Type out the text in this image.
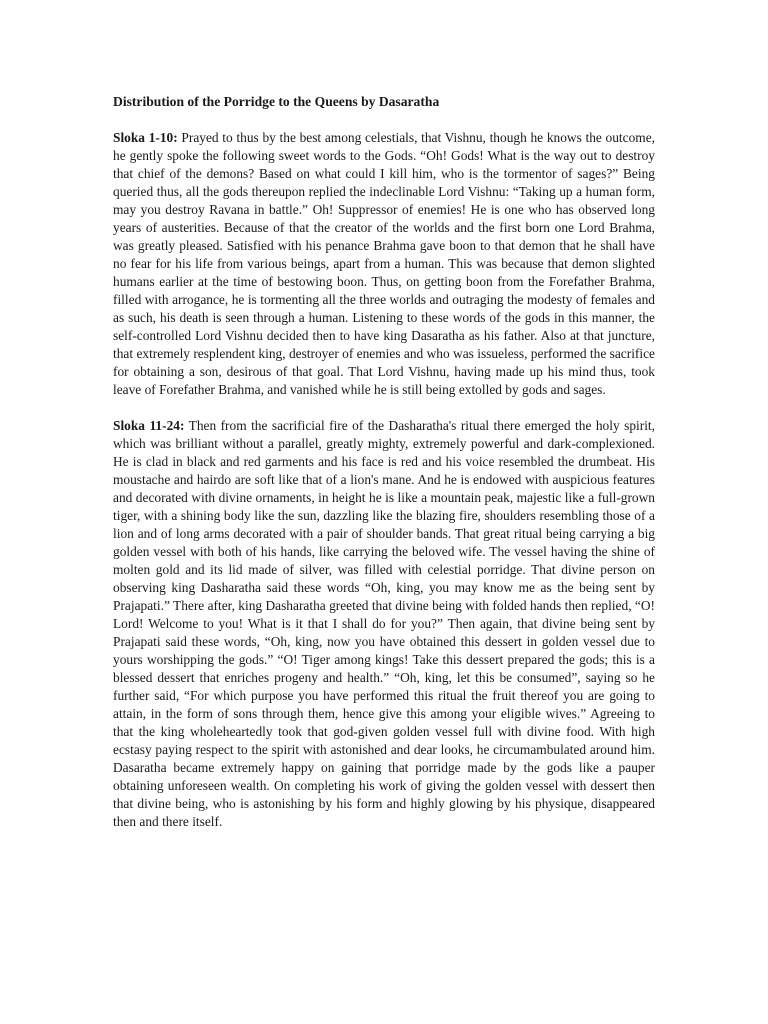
Distribution of the Porridge to the Queens by Dasaratha

Sloka 1-10: Prayed to thus by the best among celestials, that Vishnu, though he knows the outcome, he gently spoke the following sweet words to the Gods. “Oh! Gods! What is the way out to destroy that chief of the demons? Based on what could I kill him, who is the tormentor of sages?” Being queried thus, all the gods thereupon replied the indeclinable Lord Vishnu: “Taking up a human form, may you destroy Ravana in battle.” Oh! Suppressor of enemies! He is one who has observed long years of austerities. Because of that the creator of the worlds and the first born one Lord Brahma, was greatly pleased. Satisfied with his penance Brahma gave boon to that demon that he shall have no fear for his life from various beings, apart from a human. This was because that demon slighted humans earlier at the time of bestowing boon. Thus, on getting boon from the Forefather Brahma, filled with arrogance, he is tormenting all the three worlds and outraging the modesty of females and as such, his death is seen through a human. Listening to these words of the gods in this manner, the self-controlled Lord Vishnu decided then to have king Dasaratha as his father. Also at that juncture, that extremely resplendent king, destroyer of enemies and who was issueless, performed the sacrifice for obtaining a son, desirous of that goal. That Lord Vishnu, having made up his mind thus, took leave of Forefather Brahma, and vanished while he is still being extolled by gods and sages.

Sloka 11-24: Then from the sacrificial fire of the Dasharatha's ritual there emerged the holy spirit, which was brilliant without a parallel, greatly mighty, extremely powerful and dark-complexioned. He is clad in black and red garments and his face is red and his voice resembled the drumbeat. His moustache and hairdo are soft like that of a lion's mane. And he is endowed with auspicious features and decorated with divine ornaments, in height he is like a mountain peak, majestic like a full-grown tiger, with a shining body like the sun, dazzling like the blazing fire, shoulders resembling those of a lion and of long arms decorated with a pair of shoulder bands. That great ritual being carrying a big golden vessel with both of his hands, like carrying the beloved wife. The vessel having the shine of molten gold and its lid made of silver, was filled with celestial porridge. That divine person on observing king Dasharatha said these words “Oh, king, you may know me as the being sent by Prajapati.” There after, king Dasharatha greeted that divine being with folded hands then replied, “O! Lord! Welcome to you! What is it that I shall do for you?” Then again, that divine being sent by Prajapati said these words, “Oh, king, now you have obtained this dessert in golden vessel due to yours worshipping the gods.” “O! Tiger among kings! Take this dessert prepared the gods; this is a blessed dessert that enriches progeny and health.” “Oh, king, let this be consumed”, saying so he further said, “For which purpose you have performed this ritual the fruit thereof you are going to attain, in the form of sons through them, hence give this among your eligible wives.” Agreeing to that the king wholeheartedly took that god-given golden vessel full with divine food. With high ecstasy paying respect to the spirit with astonished and dear looks, he circumambulated around him. Dasaratha became extremely happy on gaining that porridge made by the gods like a pauper obtaining unforeseen wealth. On completing his work of giving the golden vessel with dessert then that divine being, who is astonishing by his form and highly glowing by his physique, disappeared then and there itself.
